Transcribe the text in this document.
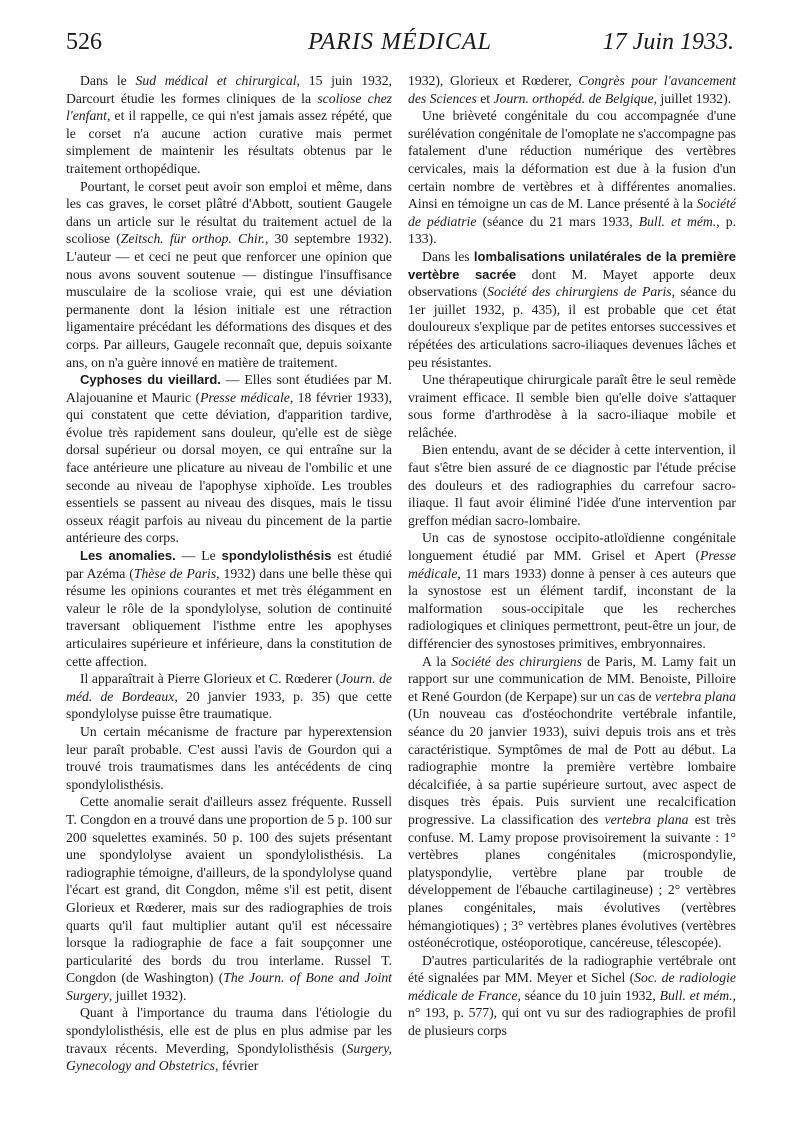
526	PARIS MÉDICAL	17 Juin 1933.

Dans le Sud médical et chirurgical, 15 juin 1932, Darcourt étudie les formes cliniques de la scoliose chez l'enfant, et il rappelle, ce qui n'est jamais assez répété, que le corset n'a aucune action curative mais permet simplement de maintenir les résultats obtenus par le traitement orthopédique.

Pourtant, le corset peut avoir son emploi et même, dans les cas graves, le corset plâtré d'Abbott, soutient Gaugele dans un article sur le résultat du traitement actuel de la scoliose (Zeitsch. für orthop. Chir., 30 septembre 1932). L'auteur — et ceci ne peut que renforcer une opinion que nous avons souvent soutenue — distingue l'insuffisance musculaire de la scoliose vraie, qui est une déviation permanente dont la lésion initiale est une rétraction ligamentaire précédant les déformations des disques et des corps. Par ailleurs, Gaugele reconnaît que, depuis soixante ans, on n'a guère innové en matière de traitement.

Cyphoses du vieillard. — Elles sont étudiées par M. Alajouanine et Mauric (Presse médicale, 18 février 1933), qui constatent que cette déviation, d'apparition tardive, évolue très rapidement sans douleur, qu'elle est de siège dorsal supérieur ou dorsal moyen, ce qui entraîne sur la face antérieure une plicature au niveau de l'ombilic et une seconde au niveau de l'apophyse xiphoïde. Les troubles essentiels se passent au niveau des disques, mais le tissu osseux réagit parfois au niveau du pincement de la partie antérieure des corps.

Les anomalies. — Le spondylolisthésis est étudié par Azéma (Thèse de Paris, 1932) dans une belle thèse qui résume les opinions courantes et met très élégamment en valeur le rôle de la spondylolyse, solution de continuité traversant obliquement l'isthme entre les apophyses articulaires supérieure et inférieure, dans la constitution de cette affection.

Il apparaîtrait à Pierre Glorieux et C. Rœderer (Journ. de méd. de Bordeaux, 20 janvier 1933, p. 35) que cette spondylolyse puisse être traumatique.

Un certain mécanisme de fracture par hyperextension leur paraît probable. C'est aussi l'avis de Gourdon qui a trouvé trois traumatismes dans les antécédents de cinq spondylolisthésis.

Cette anomalie serait d'ailleurs assez fréquente. Russell T. Congdon en a trouvé dans une proportion de 5 p. 100 sur 200 squelettes examinés. 50 p. 100 des sujets présentant une spondylolyse avaient un spondylolisthésis. La radiographie témoigne, d'ailleurs, de la spondylolyse quand l'écart est grand, dit Congdon, même s'il est petit, disent Glorieux et Rœderer, mais sur des radiographies de trois quarts qu'il faut multiplier autant qu'il est nécessaire lorsque la radiographie de face a fait soupçonner une particularité des bords du trou interlame. Russel T. Congdon (de Washington) (The Journ. of Bone and Joint Surgery, juillet 1932).

Quant à l'importance du trauma dans l'étiologie du spondylolisthésis, elle est de plus en plus admise par les travaux récents. Meverding, Spondylolisthésis (Surgery, Gynecology and Obstetrics, février

1932), Glorieux et Rœderer, Congrès pour l'avancement des Sciences et Journ. orthopéd. de Belgique, juillet 1932).

Une brièveté congénitale du cou accompagnée d'une surélévation congénitale de l'omoplate ne s'accompagne pas fatalement d'une réduction numérique des vertèbres cervicales, mais la déformation est due à la fusion d'un certain nombre de vertèbres et à différentes anomalies. Ainsi en témoigne un cas de M. Lance présenté à la Société de pédiatrie (séance du 21 mars 1933, Bull. et mém., p. 133).

Dans les lombalisations unilatérales de la première vertèbre sacrée dont M. Mayet apporte deux observations (Société des chirurgiens de Paris, séance du 1er juillet 1932, p. 435), il est probable que cet état douloureux s'explique par de petites entorses successives et répétées des articulations sacro-iliaques devenues lâches et peu résistantes.

Une thérapeutique chirurgicale paraît être le seul remède vraiment efficace. Il semble bien qu'elle doive s'attaquer sous forme d'arthrodèse à la sacro-iliaque mobile et relâchée.

Bien entendu, avant de se décider à cette intervention, il faut s'être bien assuré de ce diagnostic par l'étude précise des douleurs et des radiographies du carrefour sacro-iliaque. Il faut avoir éliminé l'idée d'une intervention par greffon médian sacro-lombaire.

Un cas de synostose occipito-atloïdienne congénitale longuement étudié par MM. Grisel et Apert (Presse médicale, 11 mars 1933) donne à penser à ces auteurs que la synostose est un élément tardif, inconstant de la malformation sous-occipitale que les recherches radiologiques et cliniques permettront, peut-être un jour, de différencier des synostoses primitives, embryonnaires.

A la Société des chirurgiens de Paris, M. Lamy fait un rapport sur une communication de MM. Benoiste, Pilloire et René Gourdon (de Kerpape) sur un cas de vertebra plana (Un nouveau cas d'ostéochondrite vertébrale infantile, séance du 20 janvier 1933), suivi depuis trois ans et très caractéristique. Symptômes de mal de Pott au début. La radiographie montre la première vertèbre lombaire décalcifiée, à sa partie supérieure surtout, avec aspect de disques très épais. Puis survient une recalcification progressive. La classification des vertebra plana est très confuse. M. Lamy propose provisoirement la suivante : 1° vertèbres planes congénitales (microspondylie, platyspondylie, vertèbre plane par trouble de développement de l'ébauche cartilagineuse) ; 2° vertèbres planes congénitales, mais évolutives (vertèbres hémangiotiques) ; 3° vertèbres planes évolutives (vertèbres ostéonécrotique, ostéoporotique, cancéreuse, télescopée).

D'autres particularités de la radiographie vertébrale ont été signalées par MM. Meyer et Sichel (Soc. de radiologie médicale de France, séance du 10 juin 1932, Bull. et mém., n° 193, p. 577), qui ont vu sur des radiographies de profil de plusieurs corps
